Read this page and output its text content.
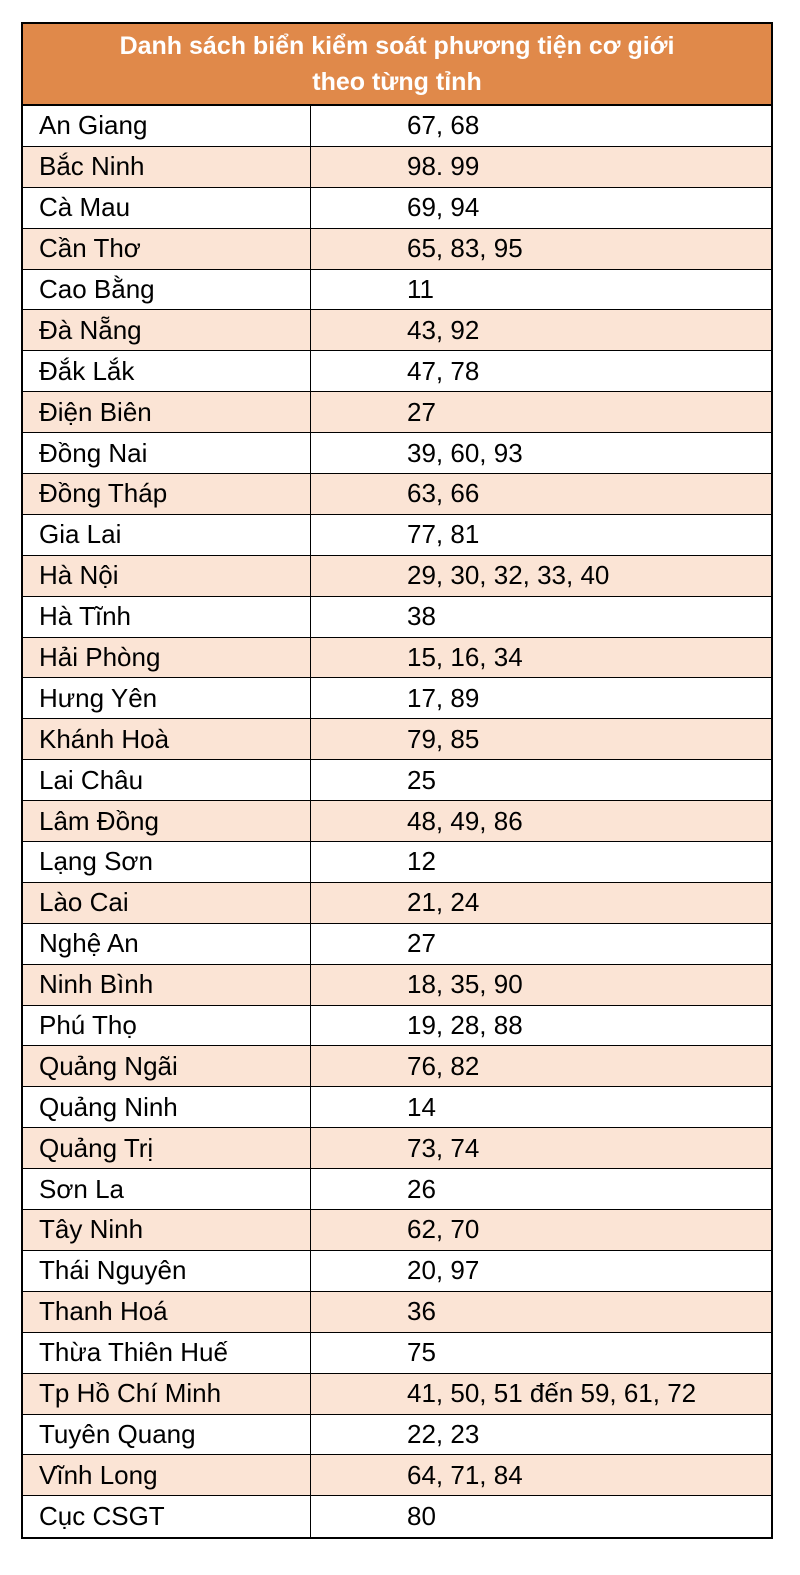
Danh sách biển kiểm soát phương tiện cơ giới
theo từng tỉnh
An Giang	67, 68
Bắc Ninh	98. 99
Cà Mau	69, 94
Cần Thơ	65, 83, 95
Cao Bằng	11
Đà Nẵng	43, 92
Đắk Lắk	47, 78
Điện Biên	27
Đồng Nai	39, 60, 93
Đồng Tháp	63, 66
Gia Lai	77, 81
Hà Nội	29, 30, 32, 33, 40
Hà Tĩnh	38
Hải Phòng	15, 16, 34
Hưng Yên	17, 89
Khánh Hoà	79, 85
Lai Châu	25
Lâm Đồng	48, 49, 86
Lạng Sơn	12
Lào Cai	21, 24
Nghệ An	27
Ninh Bình	18, 35, 90
Phú Thọ	19, 28, 88
Quảng Ngãi	76, 82
Quảng Ninh	14
Quảng Trị	73, 74
Sơn La	26
Tây Ninh	62, 70
Thái Nguyên	20, 97
Thanh Hoá	36
Thừa Thiên Huế	75
Tp Hồ Chí Minh	41, 50, 51 đến 59, 61, 72
Tuyên Quang	22, 23
Vĩnh Long	64, 71, 84
Cục CSGT	80
